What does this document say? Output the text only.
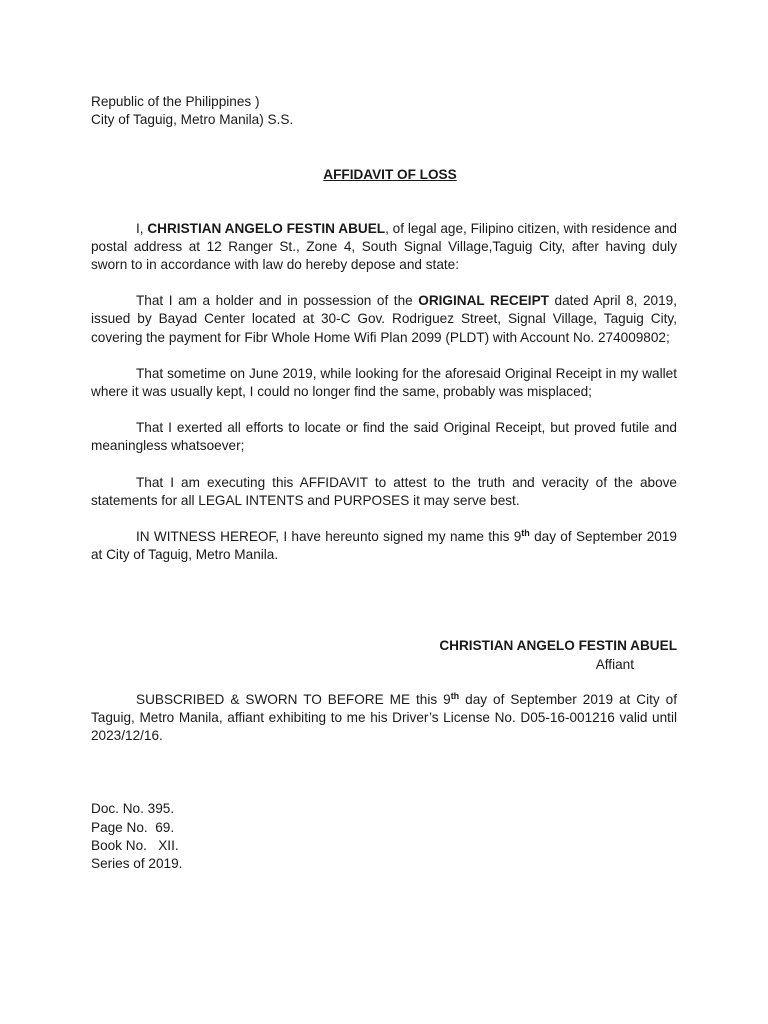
Republic of the Philippines )
City of Taguig, Metro Manila) S.S.
AFFIDAVIT OF LOSS

I, CHRISTIAN ANGELO FESTIN ABUEL, of legal age, Filipino citizen, with residence and postal address at 12 Ranger St., Zone 4, South Signal Village,Taguig City, after having duly sworn to in accordance with law do hereby depose and state:

That I am a holder and in possession of the ORIGINAL RECEIPT dated April 8, 2019, issued by Bayad Center located at 30-C Gov. Rodriguez Street, Signal Village, Taguig City, covering the payment for Fibr Whole Home Wifi Plan 2099 (PLDT) with Account No. 274009802;

That sometime on June 2019, while looking for the aforesaid Original Receipt in my wallet where it was usually kept, I could no longer find the same, probably was misplaced;

That I exerted all efforts to locate or find the said Original Receipt, but proved futile and meaningless whatsoever;

That I am executing this AFFIDAVIT to attest to the truth and veracity of the above statements for all LEGAL INTENTS and PURPOSES it may serve best.

IN WITNESS HEREOF, I have hereunto signed my name this 9th day of September 2019 at City of Taguig, Metro Manila.

CHRISTIAN ANGELO FESTIN ABUEL
Affiant

SUBSCRIBED & SWORN TO BEFORE ME this 9th day of September 2019 at City of Taguig, Metro Manila, affiant exhibiting to me his Driver’s License No. D05-16-001216 valid until 2023/12/16.

Doc. No. 395.
Page No.  69.
Book No.   XII.
Series of 2019.
